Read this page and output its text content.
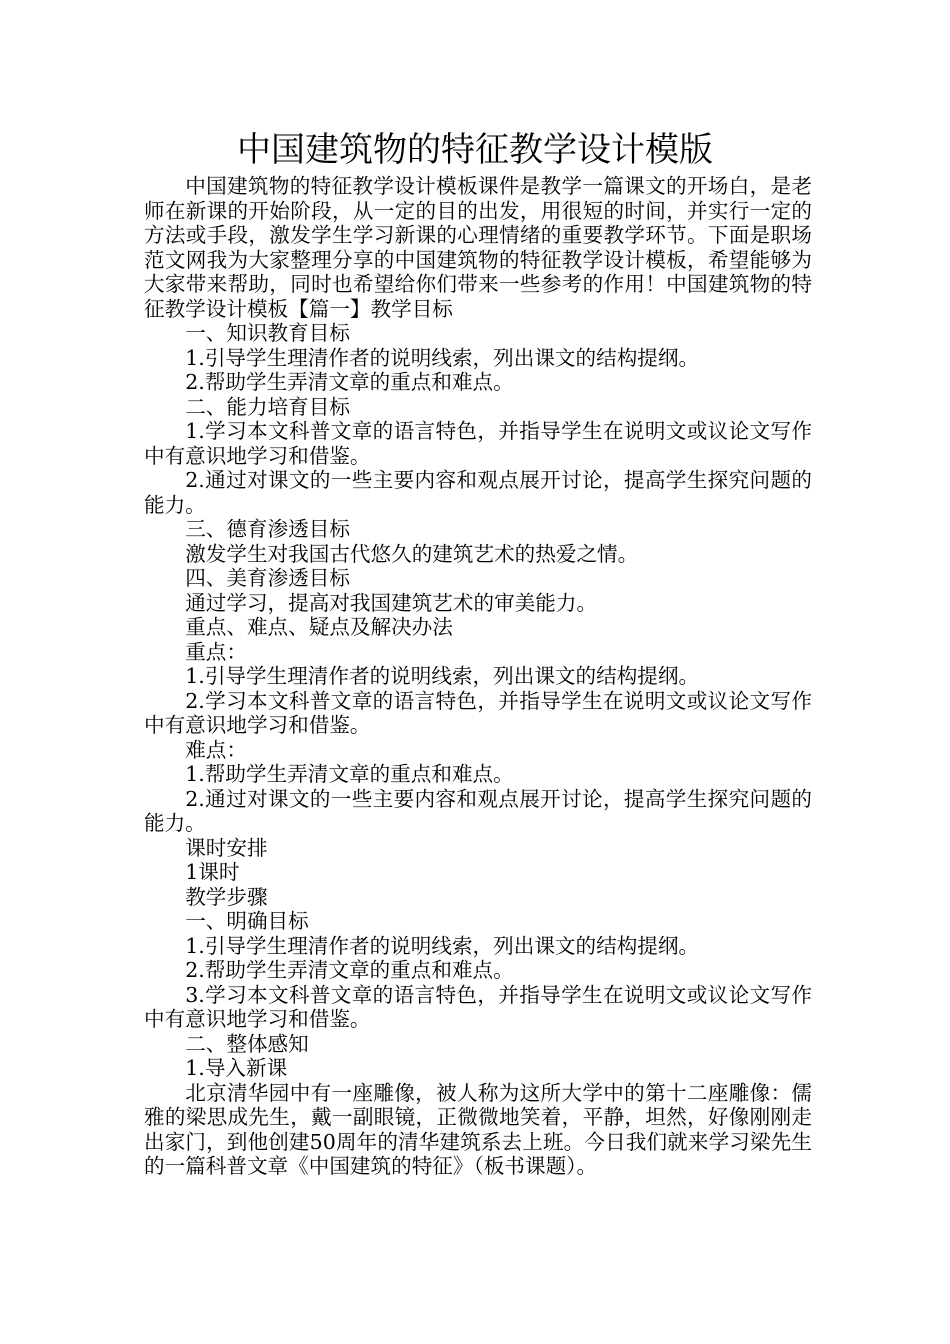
中国建筑物的特征教学设计模版

中国建筑物的特征教学设计模板课件是教学一篇课文的开场白，是老师在新课的开始阶段，从一定的目的出发，用很短的时间，并实行一定的方法或手段，激发学生学习新课的心理情绪的重要教学环节。下面是职场范文网我为大家整理分享的中国建筑物的特征教学设计模板，希望能够为大家带来帮助，同时也希望给你们带来一些参考的作用！中国建筑物的特征教学设计模板【篇一】教学目标

一、知识教育目标

1.引导学生理清作者的说明线索，列出课文的结构提纲。

2.帮助学生弄清文章的重点和难点。

二、能力培育目标

1.学习本文科普文章的语言特色，并指导学生在说明文或议论文写作中有意识地学习和借鉴。

2.通过对课文的一些主要内容和观点展开讨论，提高学生探究问题的能力。

三、德育渗透目标

激发学生对我国古代悠久的建筑艺术的热爱之情。

四、美育渗透目标

通过学习，提高对我国建筑艺术的审美能力。

重点、难点、疑点及解决办法

重点：

1.引导学生理清作者的说明线索，列出课文的结构提纲。

2.学习本文科普文章的语言特色，并指导学生在说明文或议论文写作中有意识地学习和借鉴。

难点：

1.帮助学生弄清文章的重点和难点。

2.通过对课文的一些主要内容和观点展开讨论，提高学生探究问题的能力。

课时安排

1课时

教学步骤

一、明确目标

1.引导学生理清作者的说明线索，列出课文的结构提纲。

2.帮助学生弄清文章的重点和难点。

3.学习本文科普文章的语言特色，并指导学生在说明文或议论文写作中有意识地学习和借鉴。

二、整体感知

1.导入新课

北京清华园中有一座雕像，被人称为这所大学中的第十二座雕像：儒雅的梁思成先生，戴一副眼镜，正微微地笑着，平静，坦然，好像刚刚走出家门，到他创建50周年的清华建筑系去上班。今日我们就来学习梁先生的一篇科普文章《中国建筑的特征》（板书课题）。
